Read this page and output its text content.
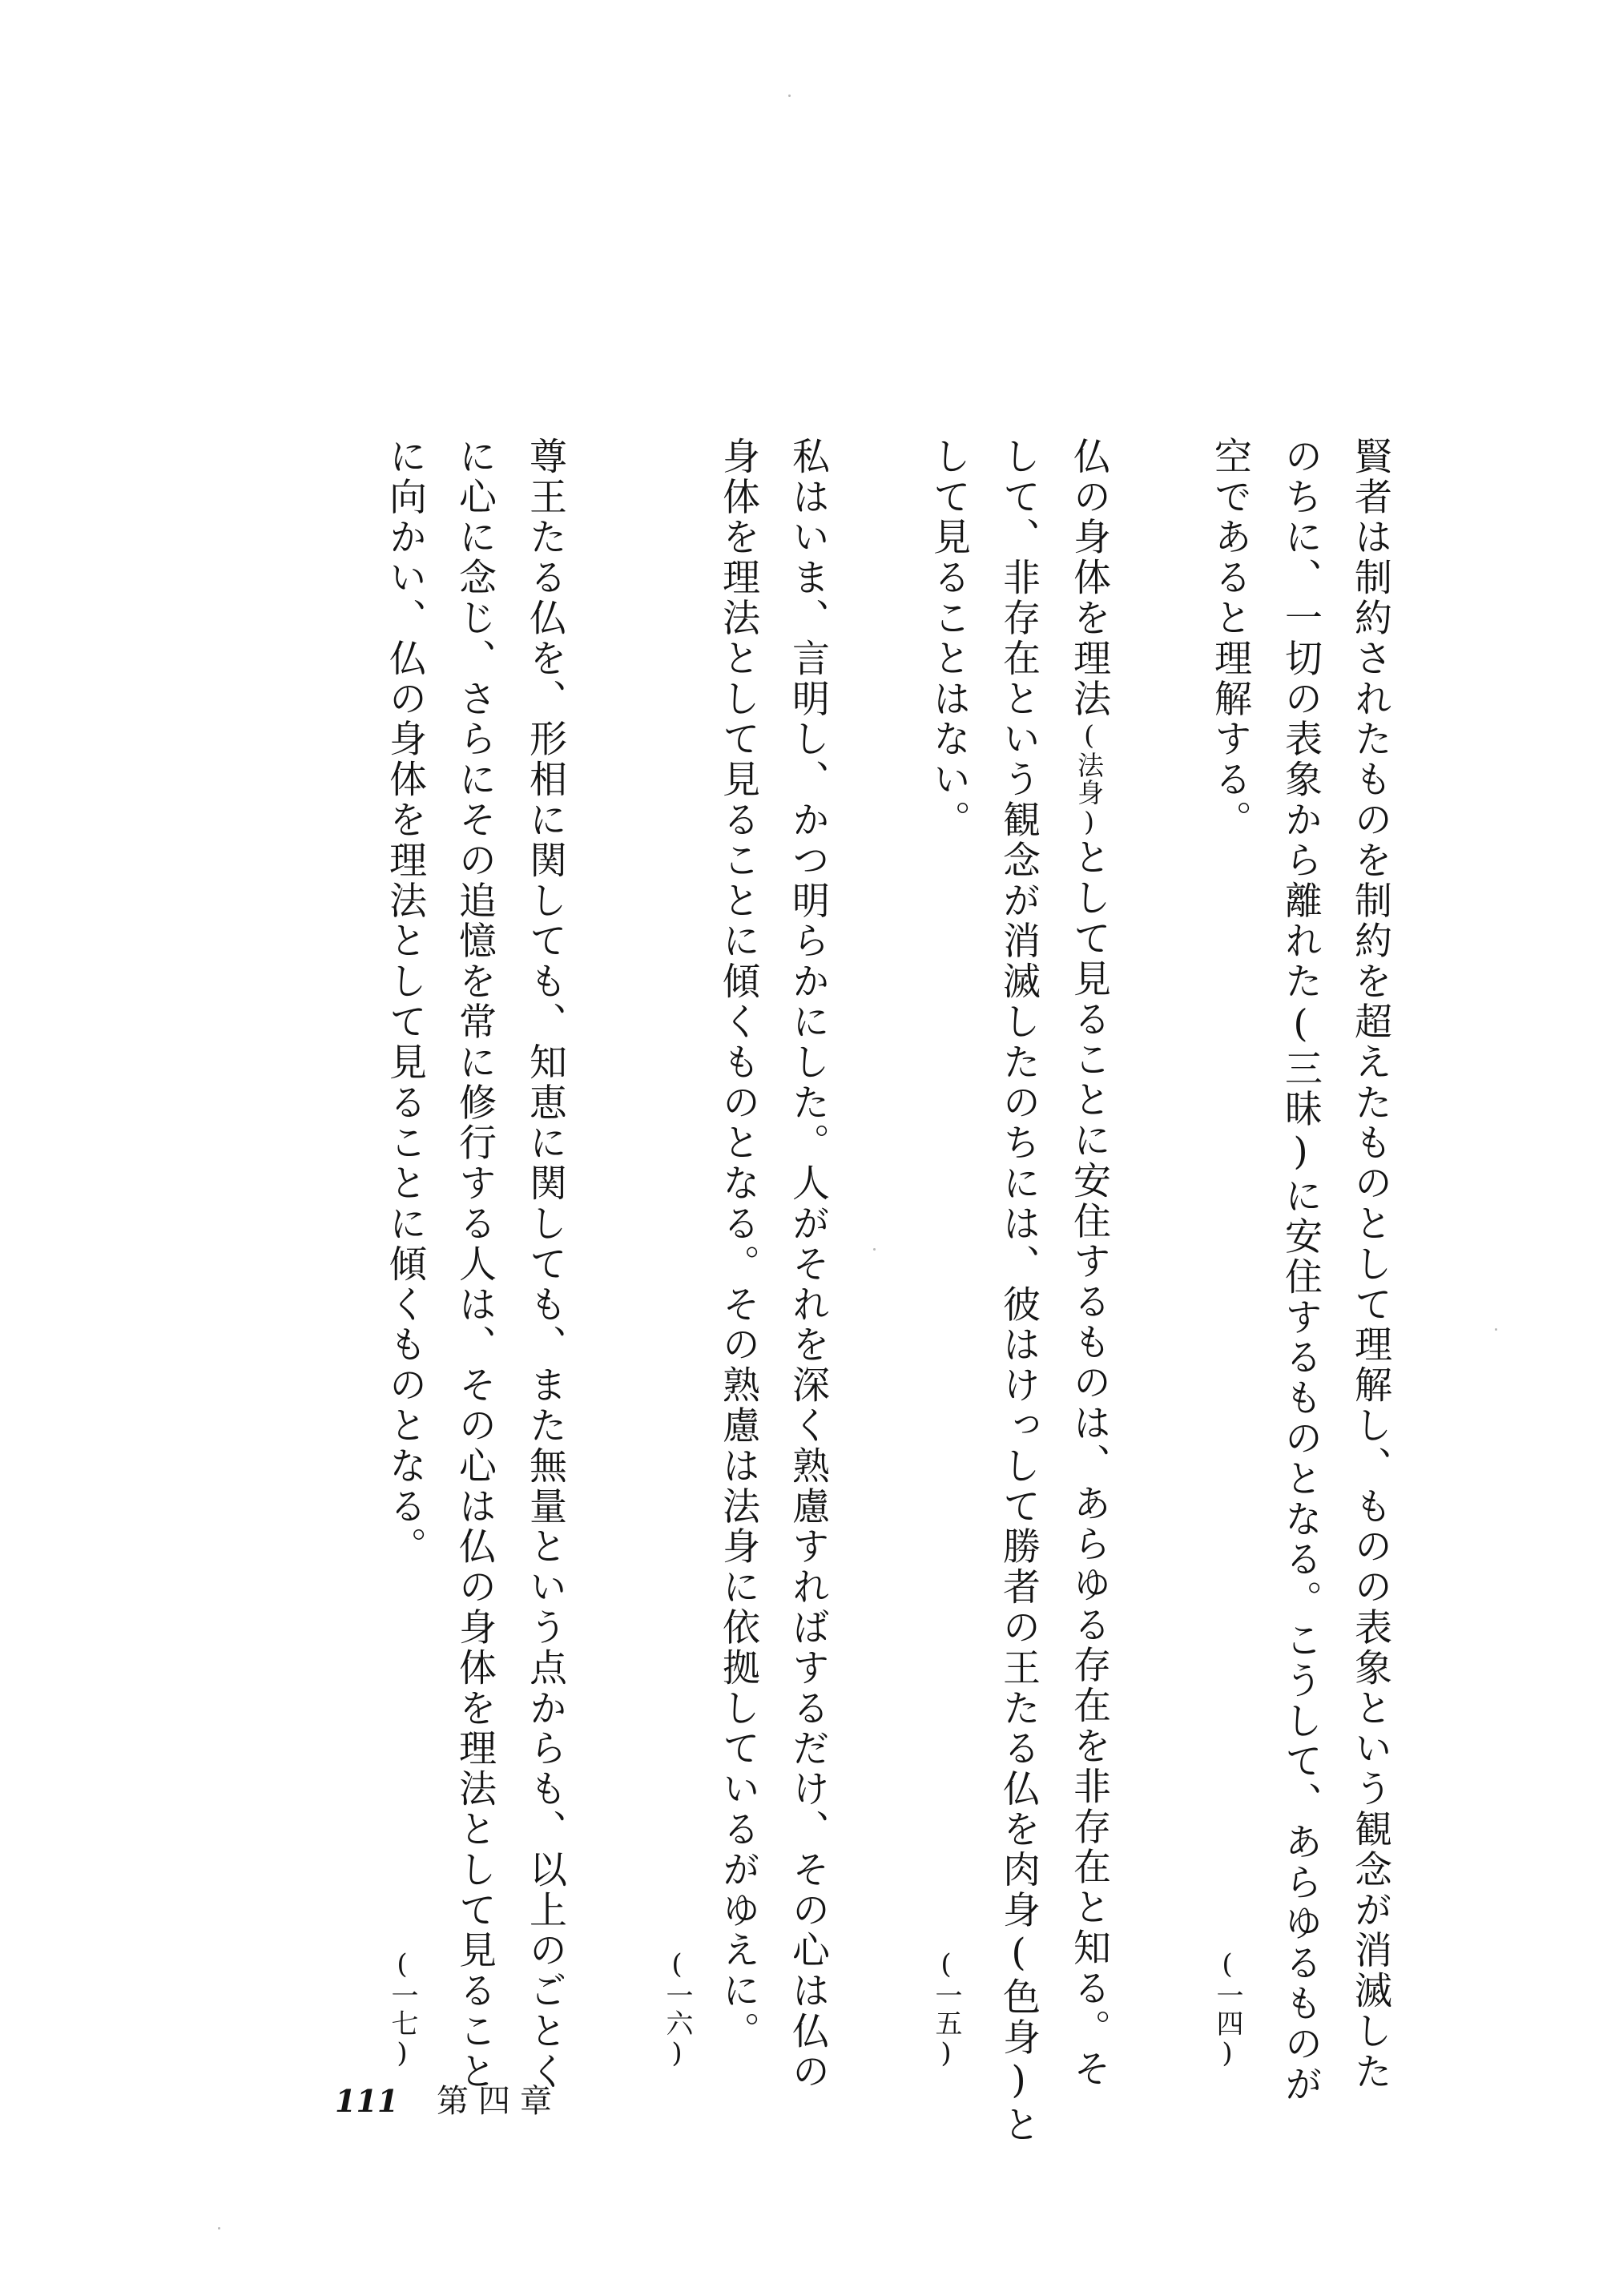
賢者は制約されたものを制約を超えたものとして理解し、ものの表象という観念が消滅した
のちに、一切の表象から離れた(三昧)に安住するものとなる。こうして、あらゆるものが
空であると理解する。
(一四)
仏の身体を理法(法身)として見ることに安住するものは、あらゆる存在を非存在と知る。そ
して、非存在という観念が消滅したのちには、彼はけっして勝者の王たる仏を肉身(色身)と
して見ることはない。
(一五)
私はいま、言明し、かつ明らかにした。人がそれを深く熟慮すればするだけ、その心は仏の
身体を理法として見ることに傾くものとなる。その熟慮は法身に依拠しているがゆえに。
(一六)
尊王たる仏を、形相に関しても、知恵に関しても、また無量という点からも、以上のごとく
に心に念じ、さらにその追憶を常に修行する人は、その心は仏の身体を理法として見ること
に向かい、仏の身体を理法として見ることに傾くものとなる。
(一七)
111 第四章
